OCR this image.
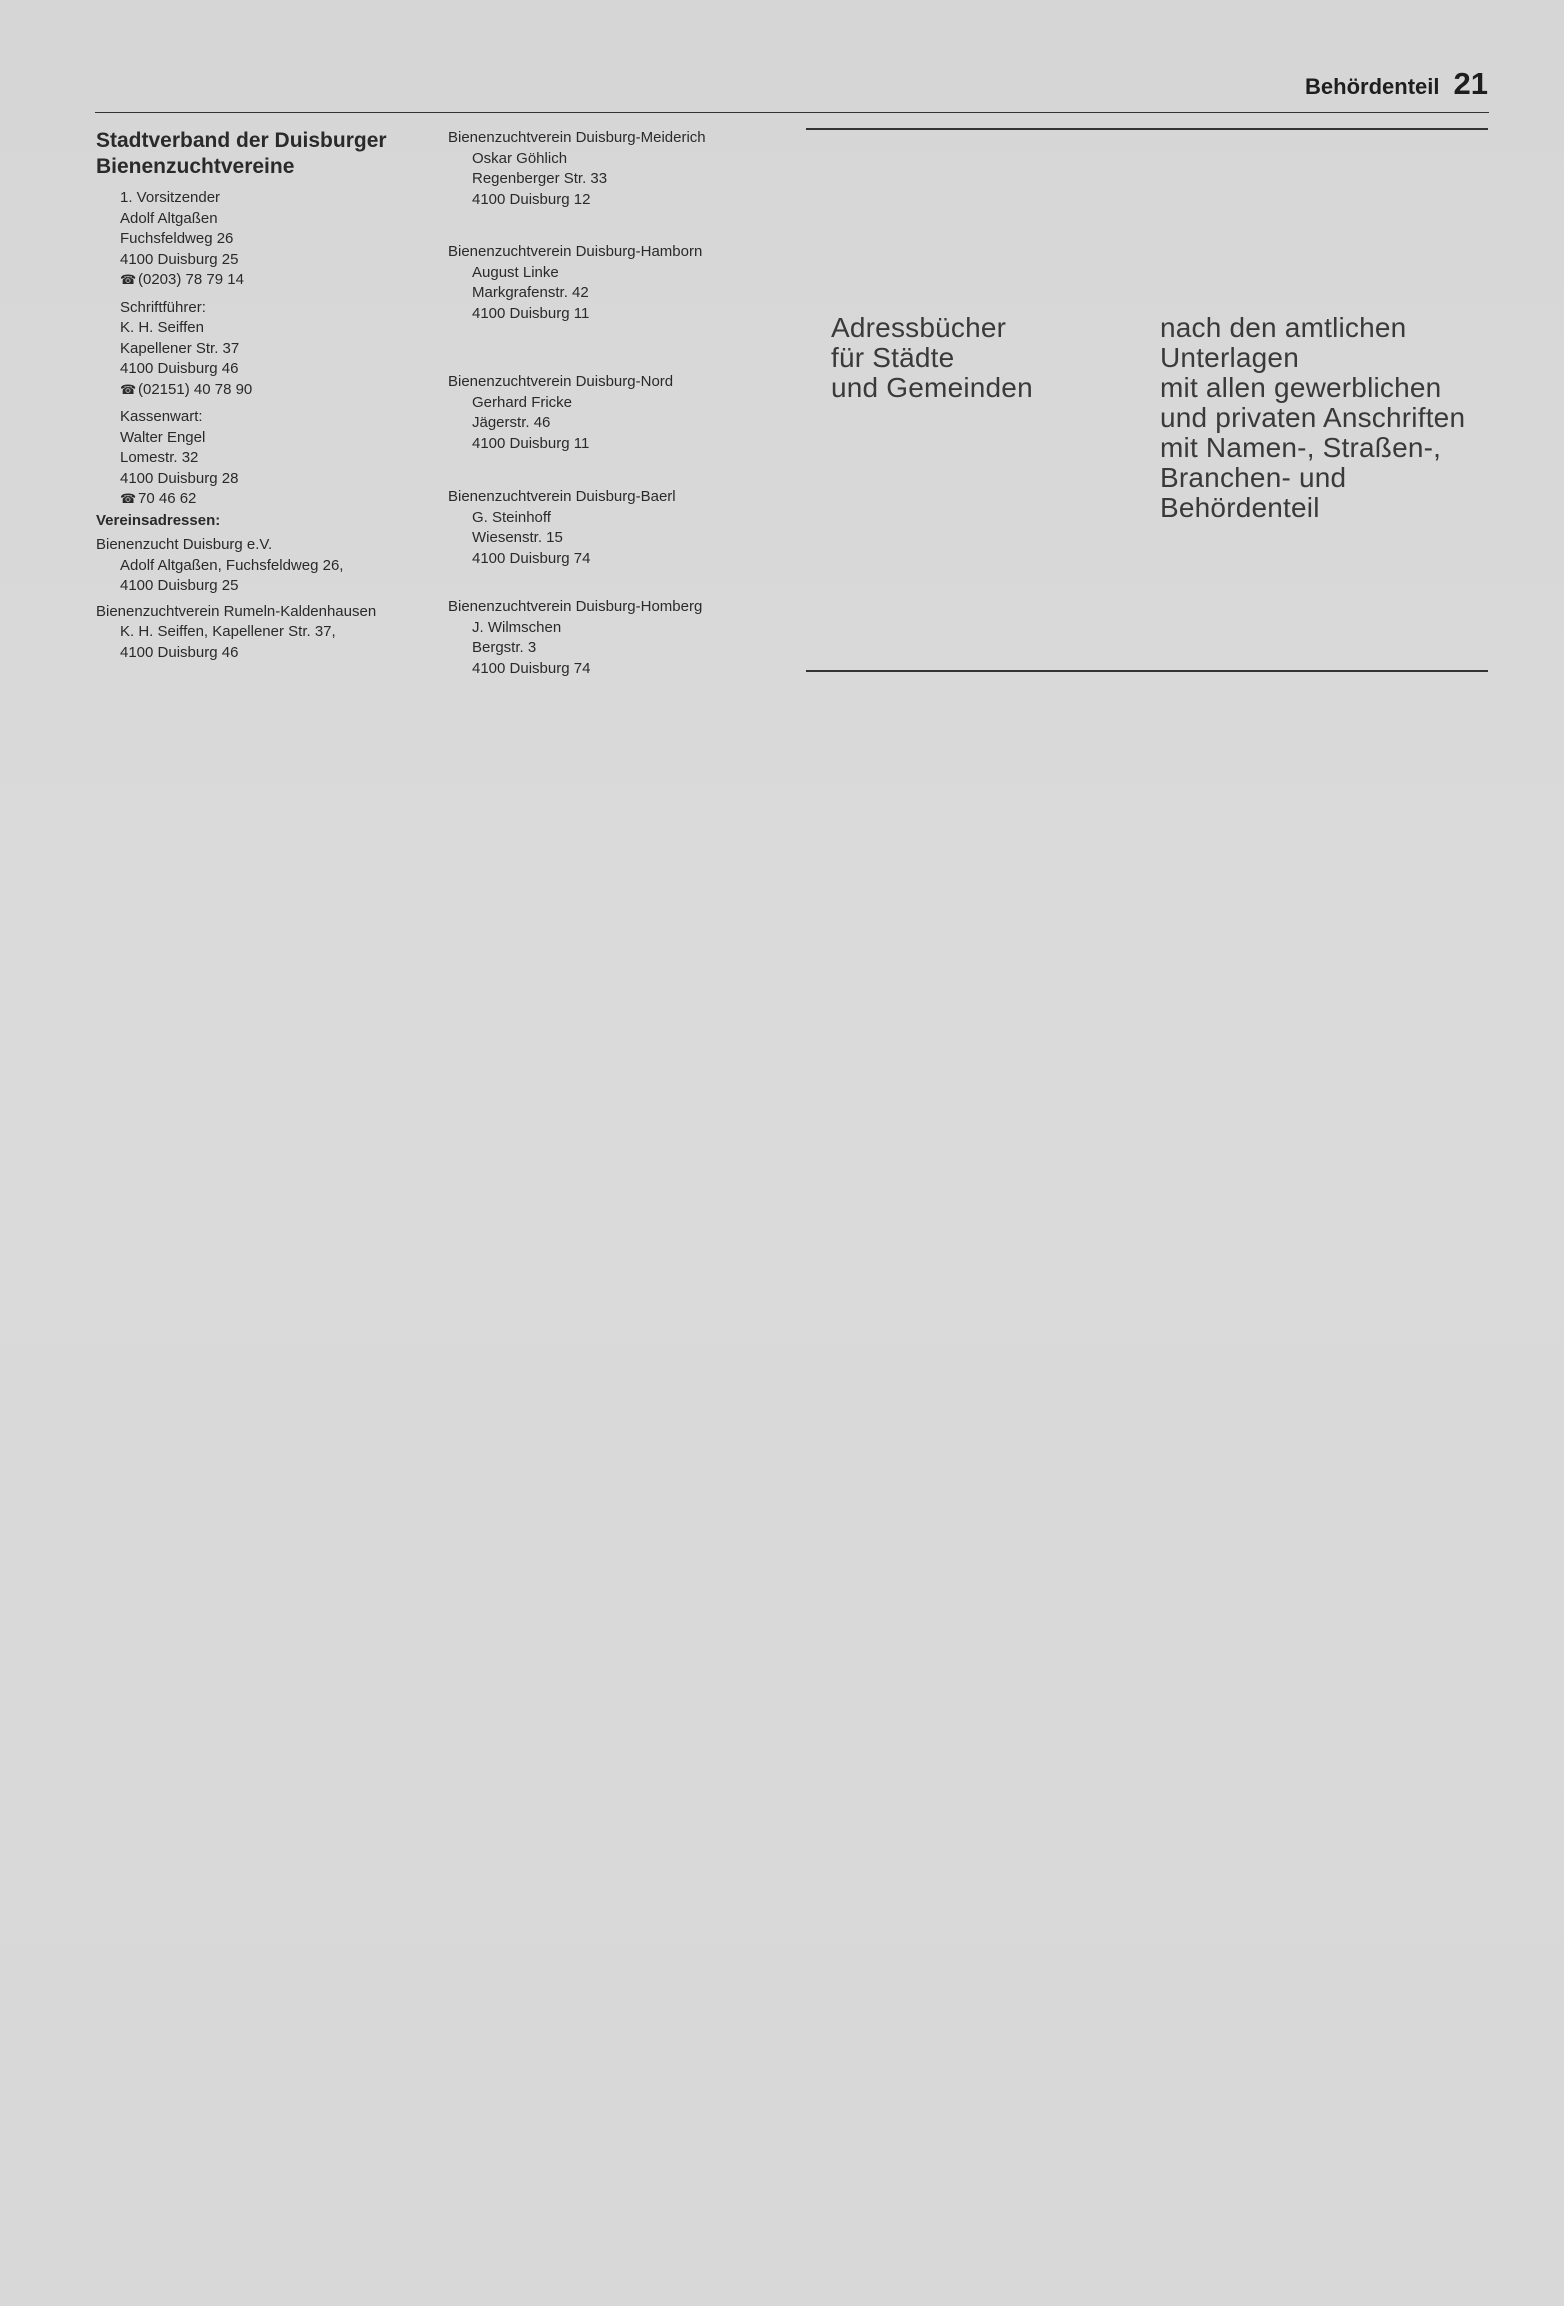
Behördenteil 21
Stadtverband der Duisburger
Bienenzuchtvereine
1. Vorsitzender
Adolf Altgaßen
Fuchsfeldweg 26
4100 Duisburg 25
☎ (0203) 78 79 14
Schriftführer:
K. H. Seiffen
Kapellener Str. 37
4100 Duisburg 46
☎ (02151) 40 78 90
Kassenwart:
Walter Engel
Lomestr. 32
4100 Duisburg 28
☎ 70 46 62
Vereinsadressen:
Bienenzucht Duisburg e.V.
Adolf Altgaßen, Fuchsfeldweg 26,
4100 Duisburg 25
Bienenzuchtverein Rumeln-Kaldenhausen
K. H. Seiffen, Kapellener Str. 37,
4100 Duisburg 46
Bienenzuchtverein Duisburg-Meiderich
Oskar Göhlich
Regenberger Str. 33
4100 Duisburg 12
Bienenzuchtverein Duisburg-Hamborn
August Linke
Markgrafenstr. 42
4100 Duisburg 11
Bienenzuchtverein Duisburg-Nord
Gerhard Fricke
Jägerstr. 46
4100 Duisburg 11
Bienenzuchtverein Duisburg-Baerl
G. Steinhoff
Wiesenstr. 15
4100 Duisburg 74
Bienenzuchtverein Duisburg-Homberg
J. Wilmschen
Bergstr. 3
4100 Duisburg 74
Adressbücher
für Städte
und Gemeinden
nach den amtlichen
Unterlagen
mit allen gewerblichen
und privaten Anschriften
mit Namen-, Straßen-,
Branchen- und
Behördenteil
